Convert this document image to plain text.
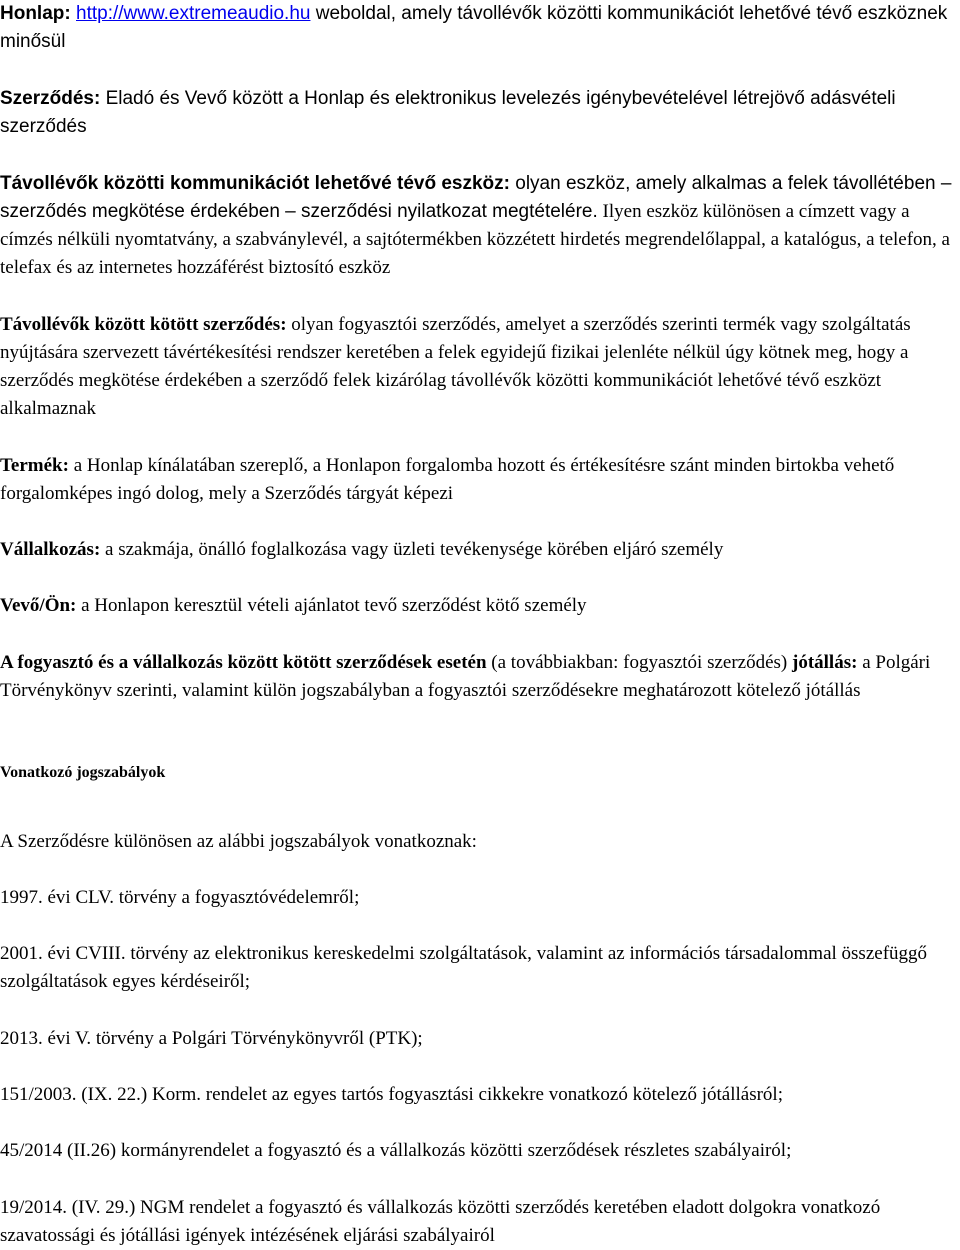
Honlap: http://www.extremeaudio.hu weboldal, amely távollévők közötti kommunikációt lehetővé tévő eszköznek minősül

Szerződés: Eladó és Vevő között a Honlap és elektronikus levelezés igénybevételével létrejövő adásvételi szerződés

Távollévők közötti kommunikációt lehetővé tévő eszköz: olyan eszköz, amely alkalmas a felek távollétében – szerződés megkötése érdekében – szerződési nyilatkozat megtételére. Ilyen eszköz különösen a címzett vagy a címzés nélküli nyomtatvány, a szabványlevél, a sajtótermékben közzétett hirdetés megrendelőlappal, a katalógus, a telefon, a telefax és az internetes hozzáférést biztosító eszköz

Távollévők között kötött szerződés: olyan fogyasztói szerződés, amelyet a szerződés szerinti termék vagy szolgáltatás nyújtására szervezett távértékesítési rendszer keretében a felek egyidejű fizikai jelenléte nélkül úgy kötnek meg, hogy a szerződés megkötése érdekében a szerződő felek kizárólag távollévők közötti kommunikációt lehetővé tévő eszközt alkalmaznak

Termék: a Honlap kínálatában szereplő, a Honlapon forgalomba hozott és értékesítésre szánt minden birtokba vehető forgalomképes ingó dolog, mely a Szerződés tárgyát képezi

Vállalkozás: a szakmája, önálló foglalkozása vagy üzleti tevékenysége körében eljáró személy

Vevő/Ön: a Honlapon keresztül vételi ajánlatot tevő szerződést kötő személy

A fogyasztó és a vállalkozás között kötött szerződések esetén (a továbbiakban: fogyasztói szerződés) jótállás: a Polgári Törvénykönyv szerinti, valamint külön jogszabályban a fogyasztói szerződésekre meghatározott kötelező jótállás

Vonatkozó jogszabályok

A Szerződésre különösen az alábbi jogszabályok vonatkoznak:

1997. évi CLV. törvény a fogyasztóvédelemről;

2001. évi CVIII. törvény az elektronikus kereskedelmi szolgáltatások, valamint az információs társadalommal összefüggő szolgáltatások egyes kérdéseiről;

2013. évi V. törvény a Polgári Törvénykönyvről (PTK);

151/2003. (IX. 22.) Korm. rendelet az egyes tartós fogyasztási cikkekre vonatkozó kötelező jótállásról;

45/2014 (II.26) kormányrendelet a fogyasztó és a vállalkozás közötti szerződések részletes szabályairól;

19/2014. (IV. 29.) NGM rendelet a fogyasztó és vállalkozás közötti szerződés keretében eladott dolgokra vonatkozó szavatossági és jótállási igények intézésének eljárási szabályairól
